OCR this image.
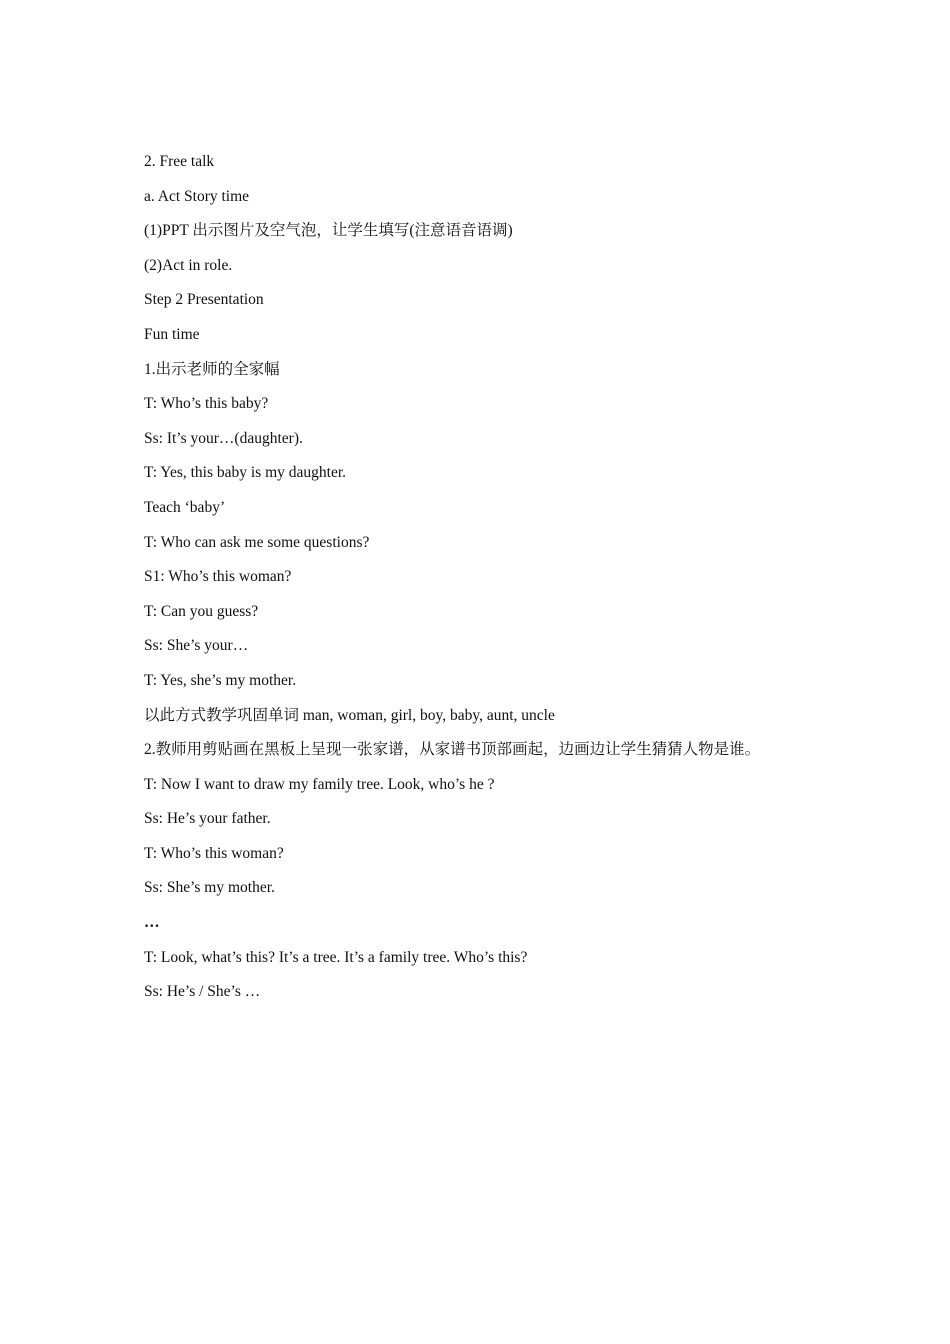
2. Free talk
a. Act Story time
(1)PPT 出示图片及空气泡，让学生填写(注意语音语调)
(2)Act in role.
Step 2 Presentation
Fun time
1.出示老师的全家幅
T: Who’s this baby?
Ss: It’s your…(daughter).
T: Yes, this baby is my daughter.
Teach ‘baby’
T: Who can ask me some questions?
S1: Who’s this woman?
T: Can you guess?
Ss: She’s your…
T: Yes, she’s my mother.
以此方式教学巩固单词 man, woman, girl, boy, baby, aunt, uncle
2.教师用剪贴画在黑板上呈现一张家谱，从家谱书顶部画起，边画边让学生猜猜人物是谁。
T: Now I want to draw my family tree. Look, who’s he ?
Ss: He’s your father.
T: Who’s this woman?
Ss: She’s my mother.
…
T: Look, what’s this? It’s a tree. It’s a family tree. Who’s this?
Ss: He’s / She’s …
